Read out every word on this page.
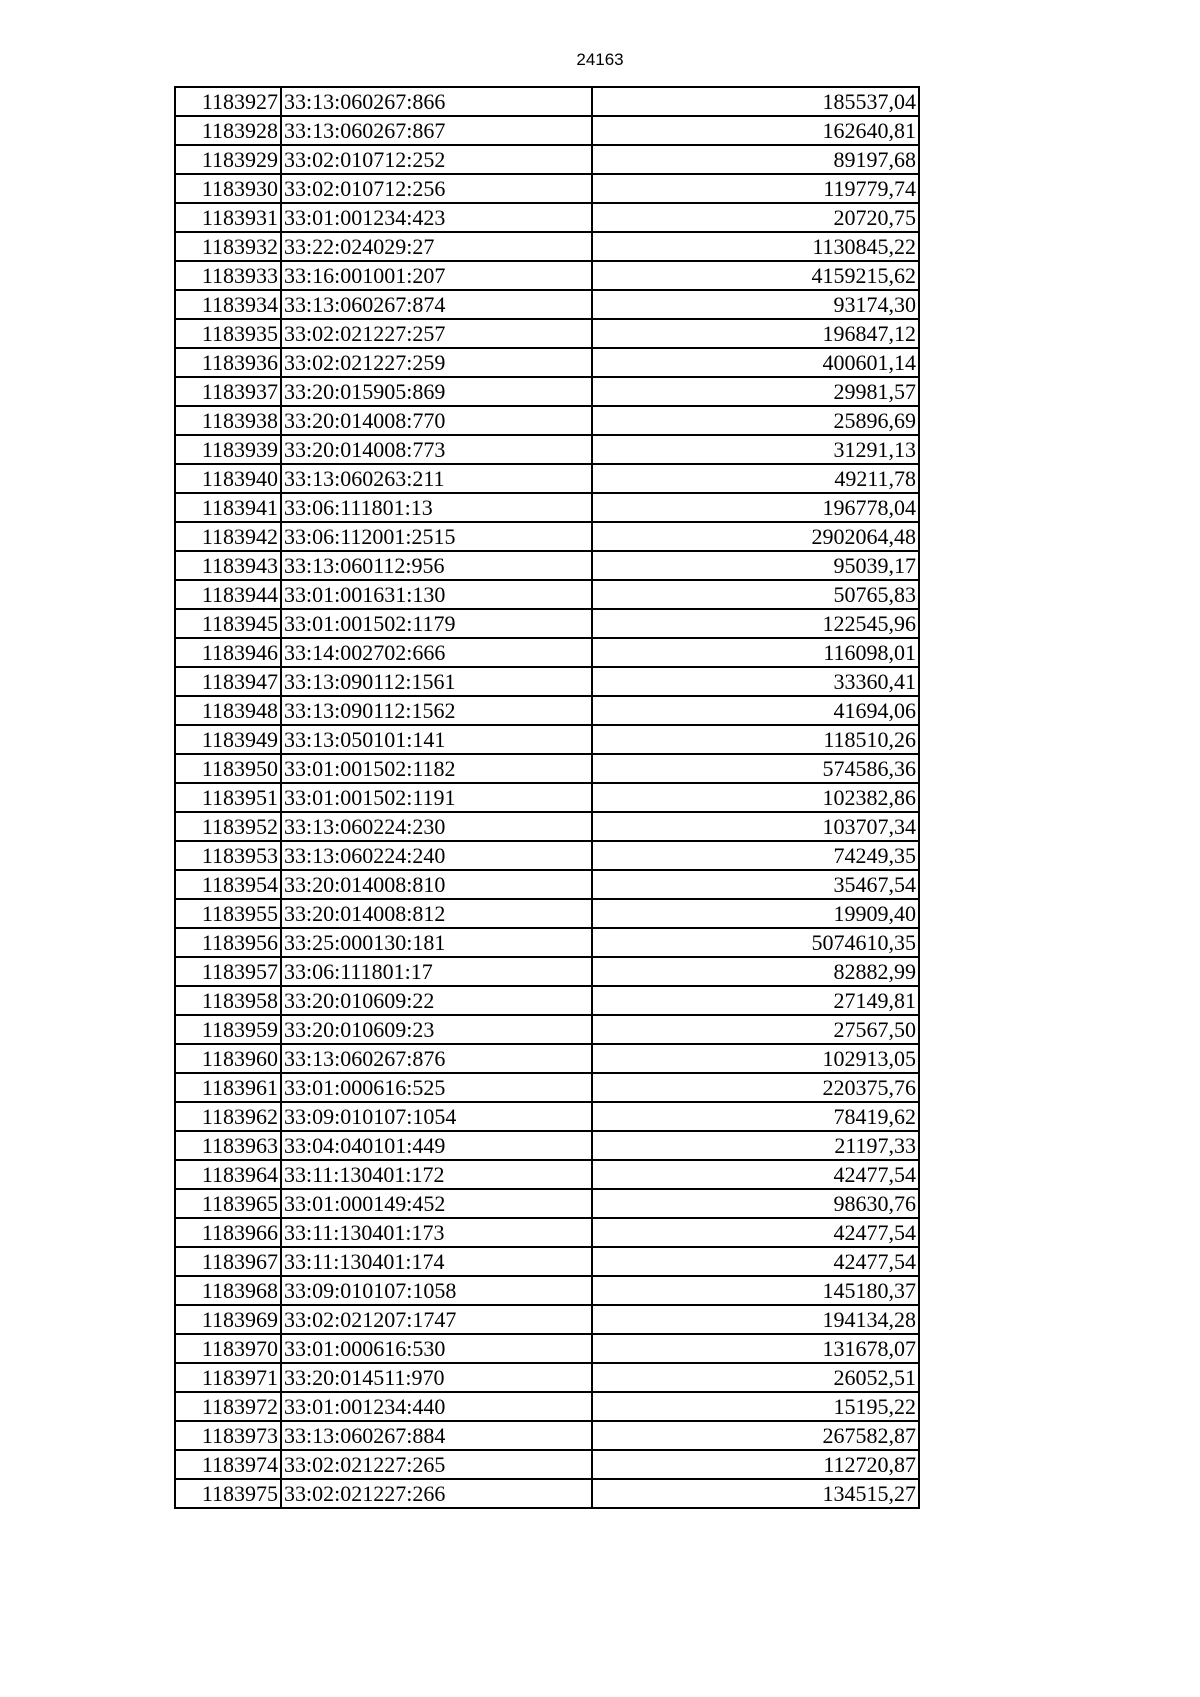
24163
1183927	33:13:060267:866	185537,04
1183928	33:13:060267:867	162640,81
1183929	33:02:010712:252	89197,68
1183930	33:02:010712:256	119779,74
1183931	33:01:001234:423	20720,75
1183932	33:22:024029:27	1130845,22
1183933	33:16:001001:207	4159215,62
1183934	33:13:060267:874	93174,30
1183935	33:02:021227:257	196847,12
1183936	33:02:021227:259	400601,14
1183937	33:20:015905:869	29981,57
1183938	33:20:014008:770	25896,69
1183939	33:20:014008:773	31291,13
1183940	33:13:060263:211	49211,78
1183941	33:06:111801:13	196778,04
1183942	33:06:112001:2515	2902064,48
1183943	33:13:060112:956	95039,17
1183944	33:01:001631:130	50765,83
1183945	33:01:001502:1179	122545,96
1183946	33:14:002702:666	116098,01
1183947	33:13:090112:1561	33360,41
1183948	33:13:090112:1562	41694,06
1183949	33:13:050101:141	118510,26
1183950	33:01:001502:1182	574586,36
1183951	33:01:001502:1191	102382,86
1183952	33:13:060224:230	103707,34
1183953	33:13:060224:240	74249,35
1183954	33:20:014008:810	35467,54
1183955	33:20:014008:812	19909,40
1183956	33:25:000130:181	5074610,35
1183957	33:06:111801:17	82882,99
1183958	33:20:010609:22	27149,81
1183959	33:20:010609:23	27567,50
1183960	33:13:060267:876	102913,05
1183961	33:01:000616:525	220375,76
1183962	33:09:010107:1054	78419,62
1183963	33:04:040101:449	21197,33
1183964	33:11:130401:172	42477,54
1183965	33:01:000149:452	98630,76
1183966	33:11:130401:173	42477,54
1183967	33:11:130401:174	42477,54
1183968	33:09:010107:1058	145180,37
1183969	33:02:021207:1747	194134,28
1183970	33:01:000616:530	131678,07
1183971	33:20:014511:970	26052,51
1183972	33:01:001234:440	15195,22
1183973	33:13:060267:884	267582,87
1183974	33:02:021227:265	112720,87
1183975	33:02:021227:266	134515,27
